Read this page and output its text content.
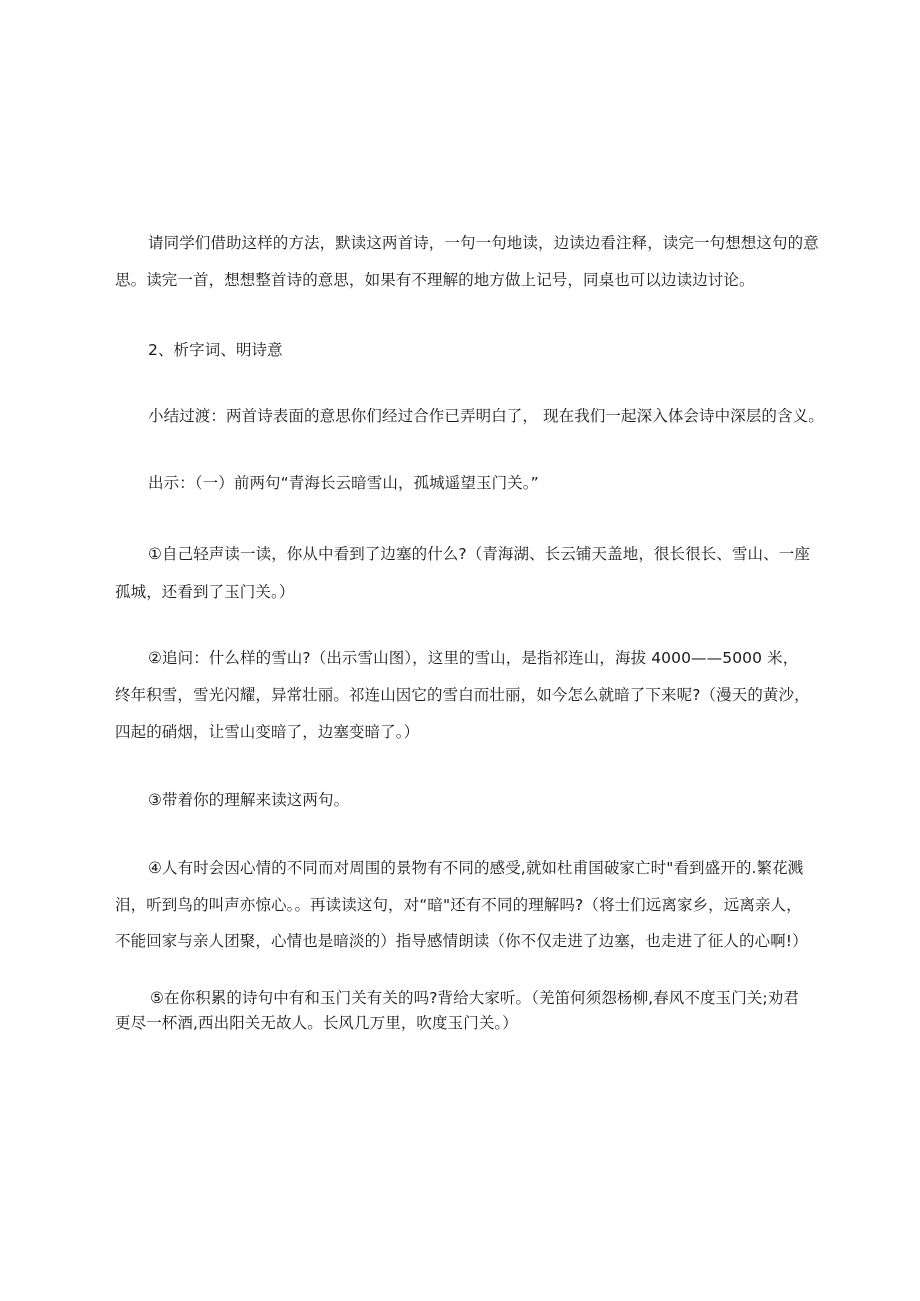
请同学们借助这样的方法，默读这两首诗，一句一句地读，边读边看注释，读完一句想想这句的意
思。读完一首，想想整首诗的意思，如果有不理解的地方做上记号，同桌也可以边读边讨论。
2、析字词、明诗意
小结过渡：两首诗表面的意思你们经过合作已弄明白了， 现在我们一起深入体会诗中深层的含义。
出示：（一）前两句“青海长云暗雪山，孤城遥望玉门关。”
①自己轻声读一读，你从中看到了边塞的什么?（青海湖、长云铺天盖地，很长很长、雪山、一座
孤城，还看到了玉门关。）
②追问：什么样的雪山?（出示雪山图），这里的雪山，是指祁连山，海拔 4000——5000 米，
终年积雪，雪光闪耀，异常壮丽。祁连山因它的雪白而壮丽，如今怎么就暗了下来呢?（漫天的黄沙，
四起的硝烟，让雪山变暗了，边塞变暗了。）
③带着你的理解来读这两句。
④人有时会因心情的不同而对周围的景物有不同的感受,就如杜甫国破家亡时"看到盛开的.繁花溅
泪，听到鸟的叫声亦惊心。。再读读这句，对“暗"还有不同的理解吗?（将士们远离家乡，远离亲人，
不能回家与亲人团聚，心情也是暗淡的）指导感情朗读（你不仅走进了边塞，也走进了征人的心啊!）
⑤在你积累的诗句中有和玉门关有关的吗?背给大家听。（羌笛何须怨杨柳,春风不度玉门关;劝君
更尽一杯酒,西出阳关无故人。长风几万里，吹度玉门关。）
